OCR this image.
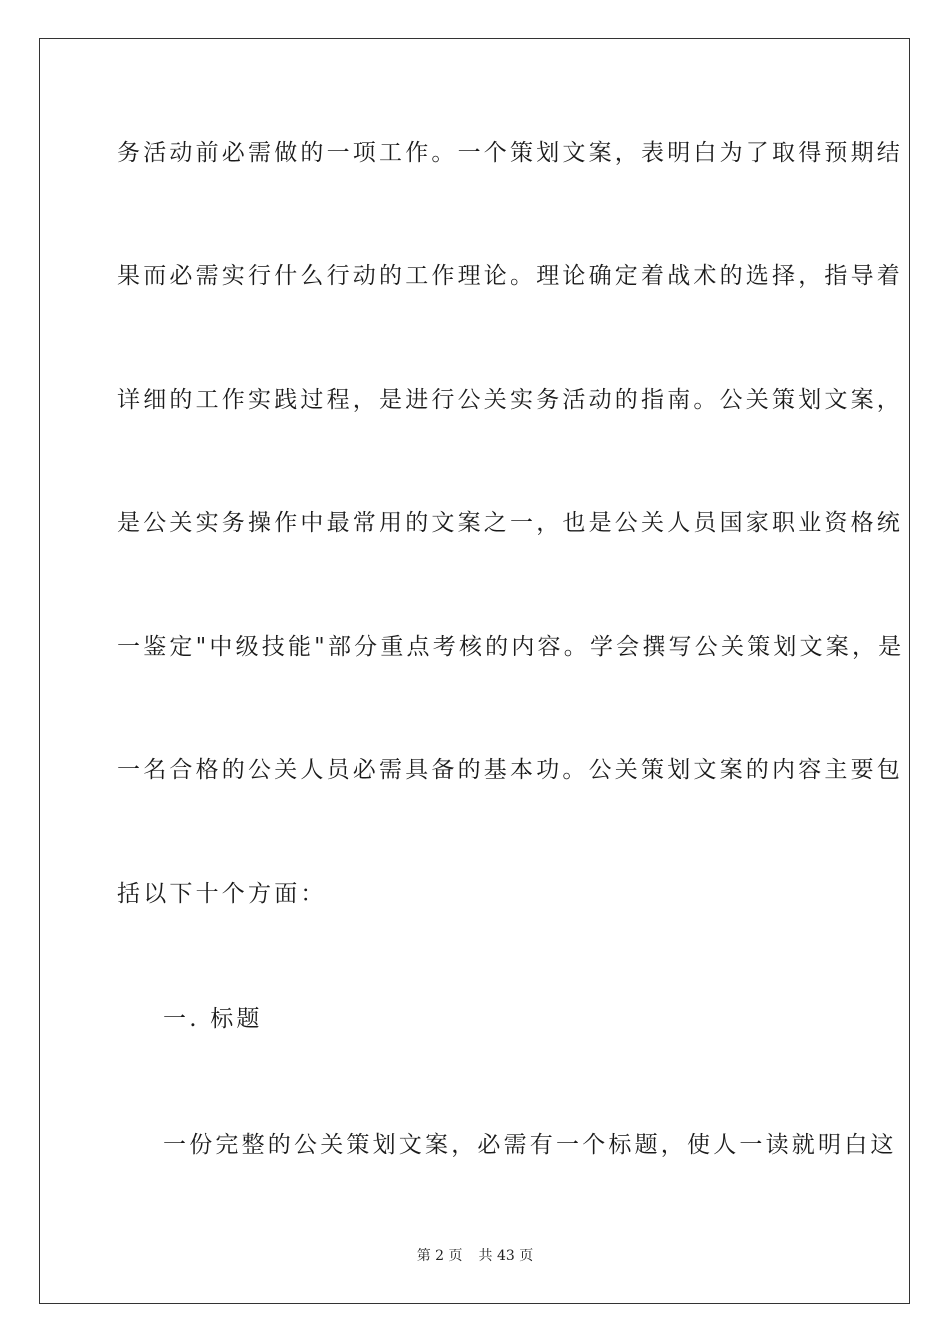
务活动前必需做的一项工作。一个策划文案，表明白为了取得预期结
果而必需实行什么行动的工作理论。理论确定着战术的选择，指导着
详细的工作实践过程，是进行公关实务活动的指南。公关策划文案，
是公关实务操作中最常用的文案之一，也是公关人员国家职业资格统
一鉴定"中级技能"部分重点考核的内容。学会撰写公关策划文案，是
一名合格的公关人员必需具备的基本功。公关策划文案的内容主要包
括以下十个方面：
一. 标题
一份完整的公关策划文案，必需有一个标题，使人一读就明白这
第 2 页 共 43 页
